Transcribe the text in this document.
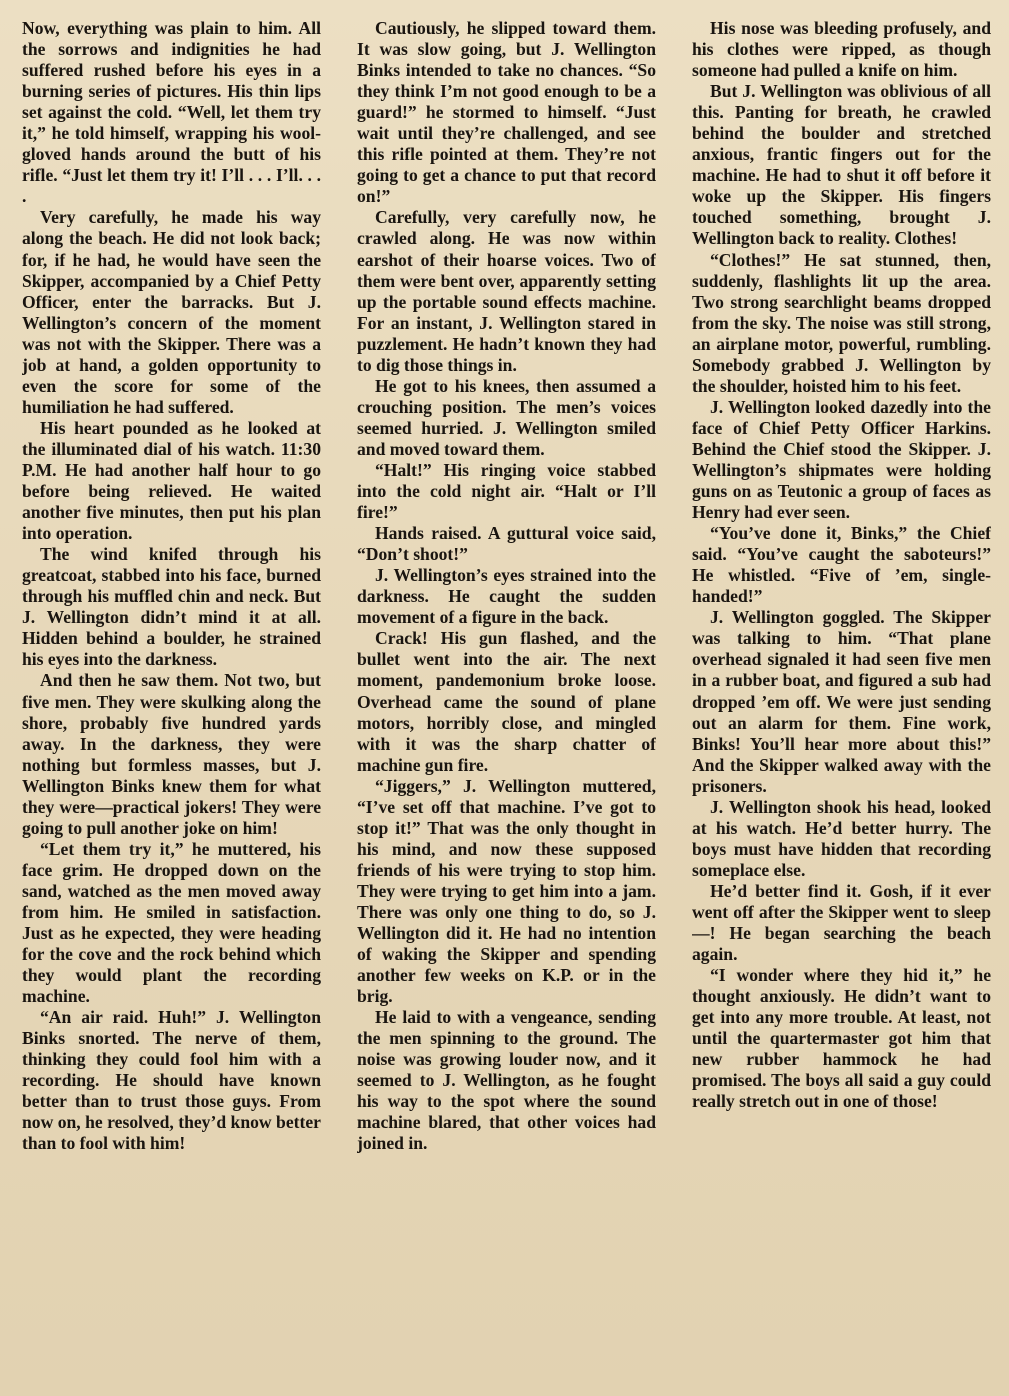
Now, everything was plain to him. All the sorrows and indignities he had suffered rushed before his eyes in a burning series of pictures. His thin lips set against the cold. “Well, let them try it,” he told himself, wrapping his wool-gloved hands around the butt of his rifle. “Just let them try it! I’ll . . . I’ll. . . .

Very carefully, he made his way along the beach. He did not look back; for, if he had, he would have seen the Skipper, accompanied by a Chief Petty Officer, enter the barracks. But J. Wellington’s concern of the moment was not with the Skipper. There was a job at hand, a golden opportunity to even the score for some of the humiliation he had suffered.

His heart pounded as he looked at the illuminated dial of his watch. 11:30 P.M. He had another half hour to go before being relieved. He waited another five minutes, then put his plan into operation.

The wind knifed through his greatcoat, stabbed into his face, burned through his muffled chin and neck. But J. Wellington didn’t mind it at all. Hidden behind a boulder, he strained his eyes into the darkness.

And then he saw them. Not two, but five men. They were skulking along the shore, probably five hundred yards away. In the darkness, they were nothing but formless masses, but J. Wellington Binks knew them for what they were—practical jokers! They were going to pull another joke on him!

“Let them try it,” he muttered, his face grim. He dropped down on the sand, watched as the men moved away from him. He smiled in satisfaction. Just as he expected, they were heading for the cove and the rock behind which they would plant the recording machine.

“An air raid. Huh!” J. Wellington Binks snorted. The nerve of them, thinking they could fool him with a recording. He should have known better than to trust those guys. From now on, he resolved, they’d know better than to fool with him!

Cautiously, he slipped toward them. It was slow going, but J. Wellington Binks intended to take no chances. “So they think I’m not good enough to be a guard!” he stormed to himself. “Just wait until they’re challenged, and see this rifle pointed at them. They’re not going to get a chance to put that record on!”

Carefully, very carefully now, he crawled along. He was now within earshot of their hoarse voices. Two of them were bent over, apparently setting up the portable sound effects machine. For an instant, J. Wellington stared in puzzlement. He hadn’t known they had to dig those things in.

He got to his knees, then assumed a crouching position. The men’s voices seemed hurried. J. Wellington smiled and moved toward them.

“Halt!” His ringing voice stabbed into the cold night air. “Halt or I’ll fire!”

Hands raised. A guttural voice said, “Don’t shoot!”

J. Wellington’s eyes strained into the darkness. He caught the sudden movement of a figure in the back.

Crack! His gun flashed, and the bullet went into the air. The next moment, pandemonium broke loose. Overhead came the sound of plane motors, horribly close, and mingled with it was the sharp chatter of machine gun fire.

“Jiggers,” J. Wellington muttered, “I’ve set off that machine. I’ve got to stop it!” That was the only thought in his mind, and now these supposed friends of his were trying to stop him. They were trying to get him into a jam. There was only one thing to do, so J. Wellington did it. He had no intention of waking the Skipper and spending another few weeks on K.P. or in the brig.

He laid to with a vengeance, sending the men spinning to the ground. The noise was growing louder now, and it seemed to J. Wellington, as he fought his way to the spot where the sound machine blared, that other voices had joined in.

His nose was bleeding profusely, and his clothes were ripped, as though someone had pulled a knife on him.

But J. Wellington was oblivious of all this. Panting for breath, he crawled behind the boulder and stretched anxious, frantic fingers out for the machine. He had to shut it off before it woke up the Skipper. His fingers touched something, brought J. Wellington back to reality. Clothes!

“Clothes!” He sat stunned, then, suddenly, flashlights lit up the area. Two strong searchlight beams dropped from the sky. The noise was still strong, an airplane motor, powerful, rumbling. Somebody grabbed J. Wellington by the shoulder, hoisted him to his feet.

J. Wellington looked dazedly into the face of Chief Petty Officer Harkins. Behind the Chief stood the Skipper. J. Wellington’s shipmates were holding guns on as Teutonic a group of faces as Henry had ever seen.

“You’ve done it, Binks,” the Chief said. “You’ve caught the saboteurs!” He whistled. “Five of ’em, single-handed!”

J. Wellington goggled. The Skipper was talking to him. “That plane overhead signaled it had seen five men in a rubber boat, and figured a sub had dropped ’em off. We were just sending out an alarm for them. Fine work, Binks! You’ll hear more about this!” And the Skipper walked away with the prisoners.

J. Wellington shook his head, looked at his watch. He’d better hurry. The boys must have hidden that recording someplace else.

He’d better find it. Gosh, if it ever went off after the Skipper went to sleep—! He began searching the beach again.

“I wonder where they hid it,” he thought anxiously. He didn’t want to get into any more trouble. At least, not until the quartermaster got him that new rubber hammock he had promised. The boys all said a guy could really stretch out in one of those!
